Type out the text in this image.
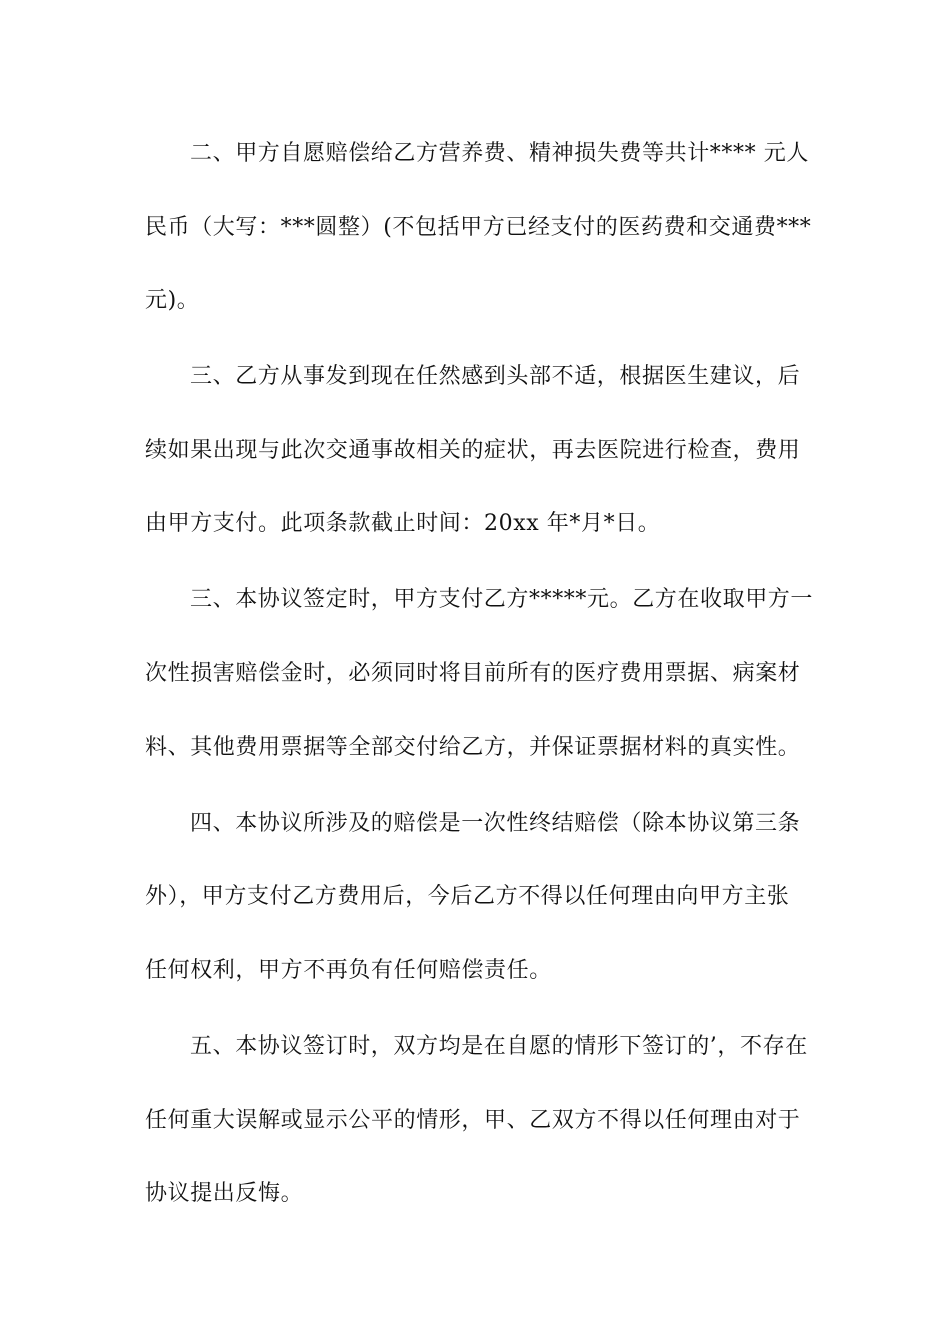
二、甲方自愿赔偿给乙方营养费、精神损失费等共计**** 元人
民币（大写：***圆整）(不包括甲方已经支付的医药费和交通费***
元)。
三、乙方从事发到现在任然感到头部不适，根据医生建议，后
续如果出现与此次交通事故相关的症状，再去医院进行检查，费用
由甲方支付。此项条款截止时间：20xx 年*月*日。
三、本协议签定时，甲方支付乙方*****元。乙方在收取甲方一
次性损害赔偿金时，必须同时将目前所有的医疗费用票据、病案材
料、其他费用票据等全部交付给乙方，并保证票据材料的真实性。
四、本协议所涉及的赔偿是一次性终结赔偿（除本协议第三条
外），甲方支付乙方费用后，今后乙方不得以任何理由向甲方主张
任何权利，甲方不再负有任何赔偿责任。
五、本协议签订时，双方均是在自愿的情形下签订的’，不存在
任何重大误解或显示公平的情形，甲、乙双方不得以任何理由对于
协议提出反悔。
